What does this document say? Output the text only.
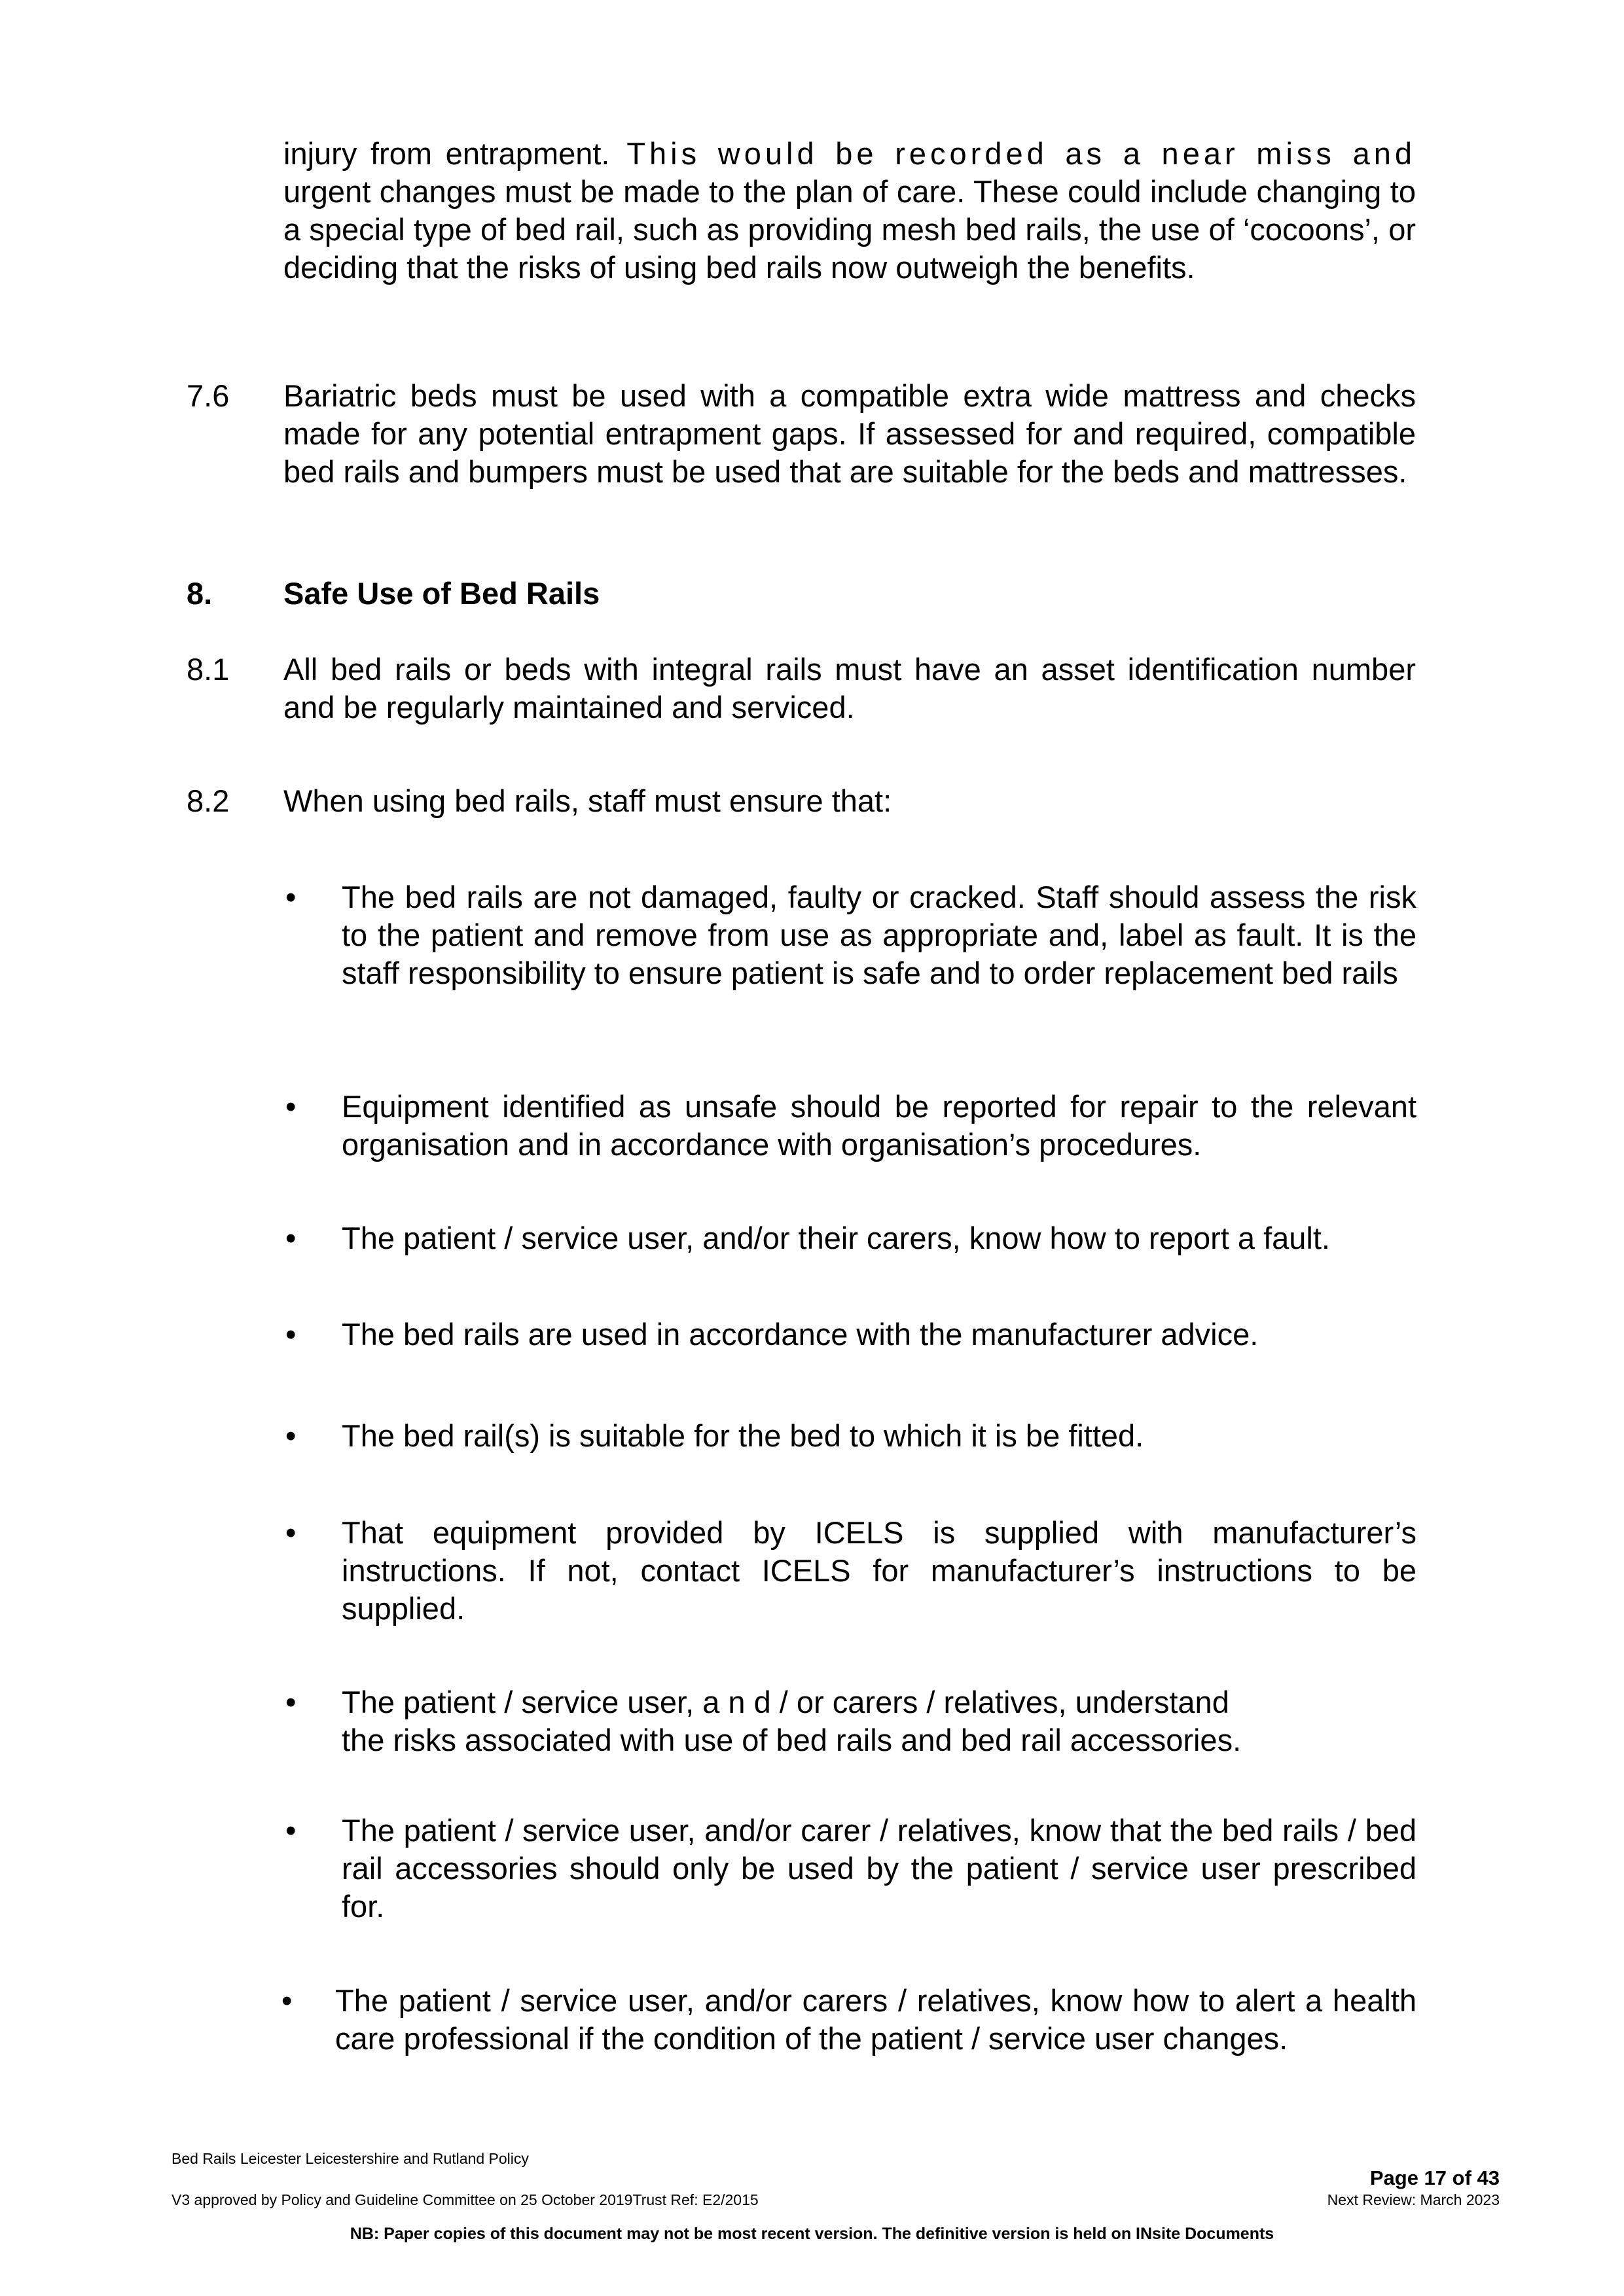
injury from entrapment. This would be recorded as a near miss and urgent changes must be made to the plan of care. These could include changing to a special type of bed rail, such as providing mesh bed rails, the use of ‘cocoons’, or deciding that the risks of using bed rails now outweigh the benefits.

7.6 Bariatric beds must be used with a compatible extra wide mattress and checks made for any potential entrapment gaps. If assessed for and required, compatible bed rails and bumpers must be used that are suitable for the beds and mattresses.

8. Safe Use of Bed Rails

8.1 All bed rails or beds with integral rails must have an asset identification number and be regularly maintained and serviced.

8.2 When using bed rails, staff must ensure that:

• The bed rails are not damaged, faulty or cracked. Staff should assess the risk to the patient and remove from use as appropriate and, label as fault. It is the staff responsibility to ensure patient is safe and to order replacement bed rails

• Equipment identified as unsafe should be reported for repair to the relevant organisation and in accordance with organisation’s procedures.

• The patient / service user, and/or their carers, know how to report a fault.

• The bed rails are used in accordance with the manufacturer advice.

• The bed rail(s) is suitable for the bed to which it is be fitted.

• That equipment provided by ICELS is supplied with manufacturer’s instructions. If not, contact ICELS for manufacturer’s instructions to be supplied.

• The patient / service user, a n d / or carers / relatives, understand
the risks associated with use of bed rails and bed rail accessories.

• The patient / service user, and/or carer / relatives, know that the bed rails / bed rail accessories should only be used by the patient / service user prescribed for.

• The patient / service user, and/or carers / relatives, know how to alert a health care professional if the condition of the patient / service user changes.

Bed Rails Leicester Leicestershire and Rutland Policy

Page 17 of 43

V3 approved by Policy and Guideline Committee on 25 October 2019Trust Ref: E2/2015	Next Review: March 2023

NB: Paper copies of this document may not be most recent version. The definitive version is held on INsite Documents
